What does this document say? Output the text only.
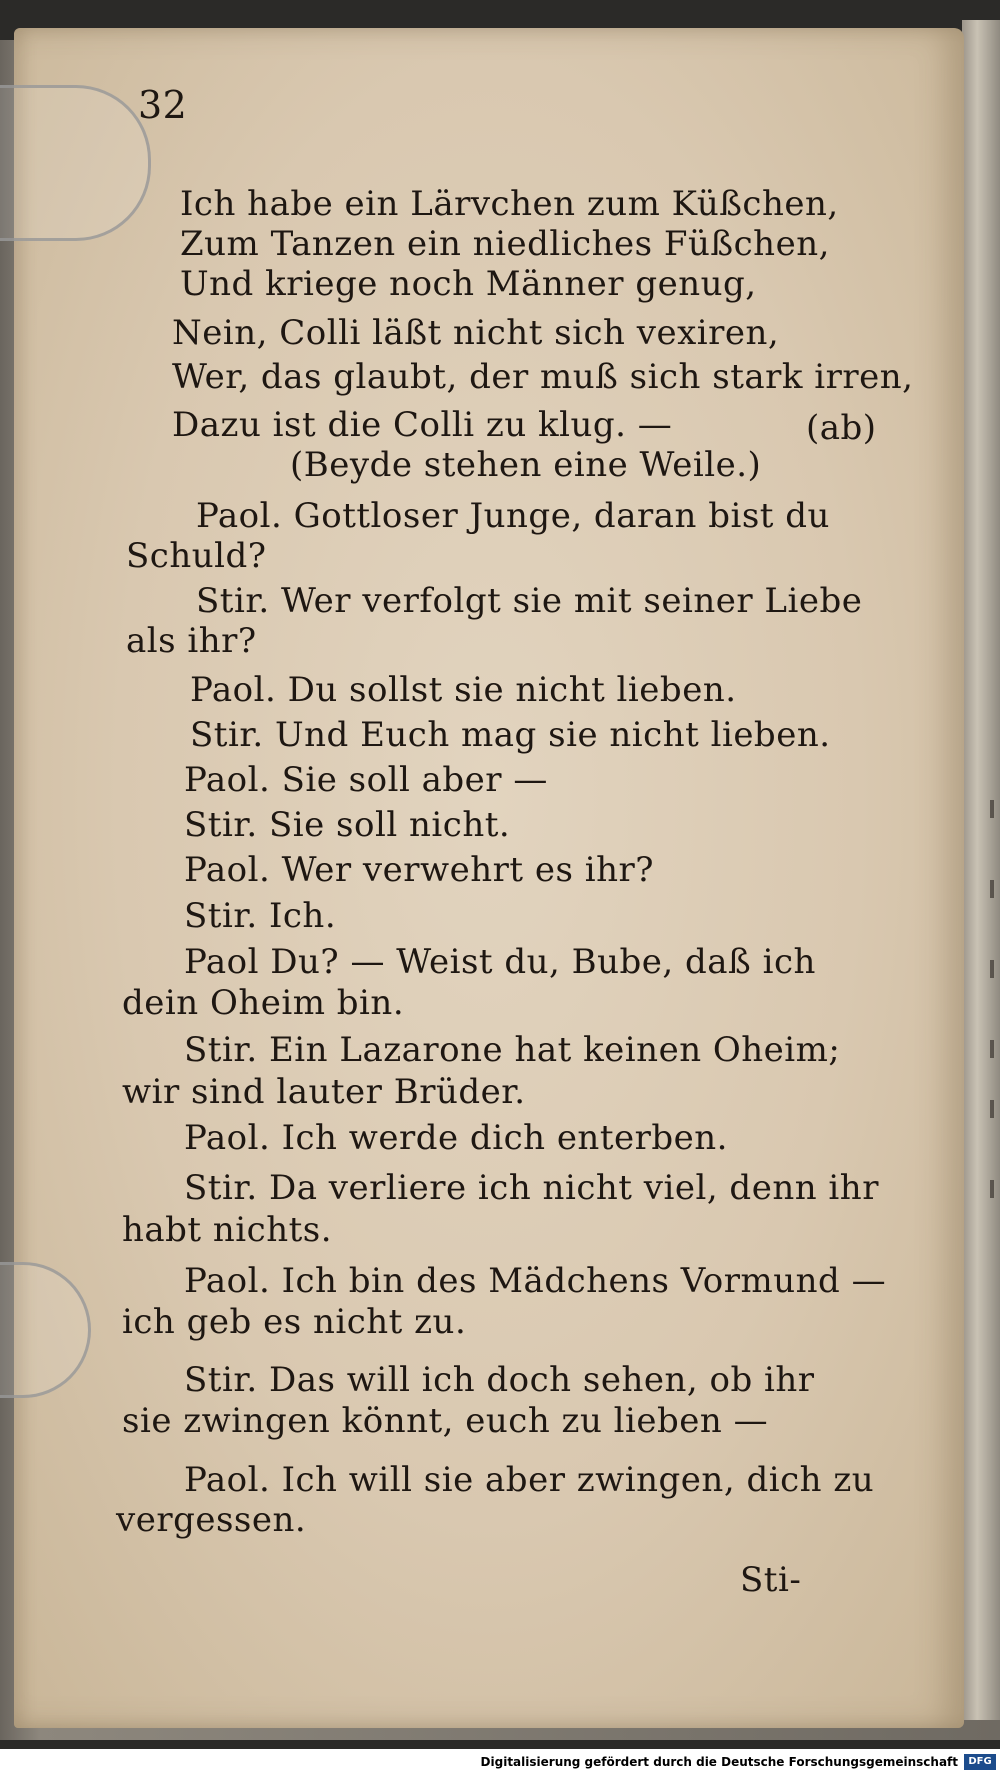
32
Ich habe ein Lärvchen zum Küßchen,
Zum Tanzen ein niedliches Füßchen,
Und kriege noch Männer genug,
Nein, Colli läßt nicht sich vexiren,
Wer, das glaubt, der muß sich stark irren,
Dazu ist die Colli zu klug. —	(ab)
(Beyde stehen eine Weile.)
Paol. Gottloser Junge, daran bist du
Schuld?
Stir. Wer verfolgt sie mit seiner Liebe
als ihr?
Paol. Du sollst sie nicht lieben.
Stir. Und Euch mag sie nicht lieben.
Paol. Sie soll aber —
Stir. Sie soll nicht.
Paol. Wer verwehrt es ihr?
Stir. Ich.
Paol Du? — Weist du, Bube, daß ich
dein Oheim bin.
Stir. Ein Lazarone hat keinen Oheim;
wir sind lauter Brüder.
Paol. Ich werde dich enterben.
Stir. Da verliere ich nicht viel, denn ihr
habt nichts.
Paol. Ich bin des Mädchens Vormund —
ich geb es nicht zu.
Stir. Das will ich doch sehen, ob ihr
sie zwingen könnt, euch zu lieben —
Paol. Ich will sie aber zwingen, dich zu
vergessen.
Sti-
Digitalisierung gefördert durch die Deutsche Forschungsgemeinschaft	DFG
